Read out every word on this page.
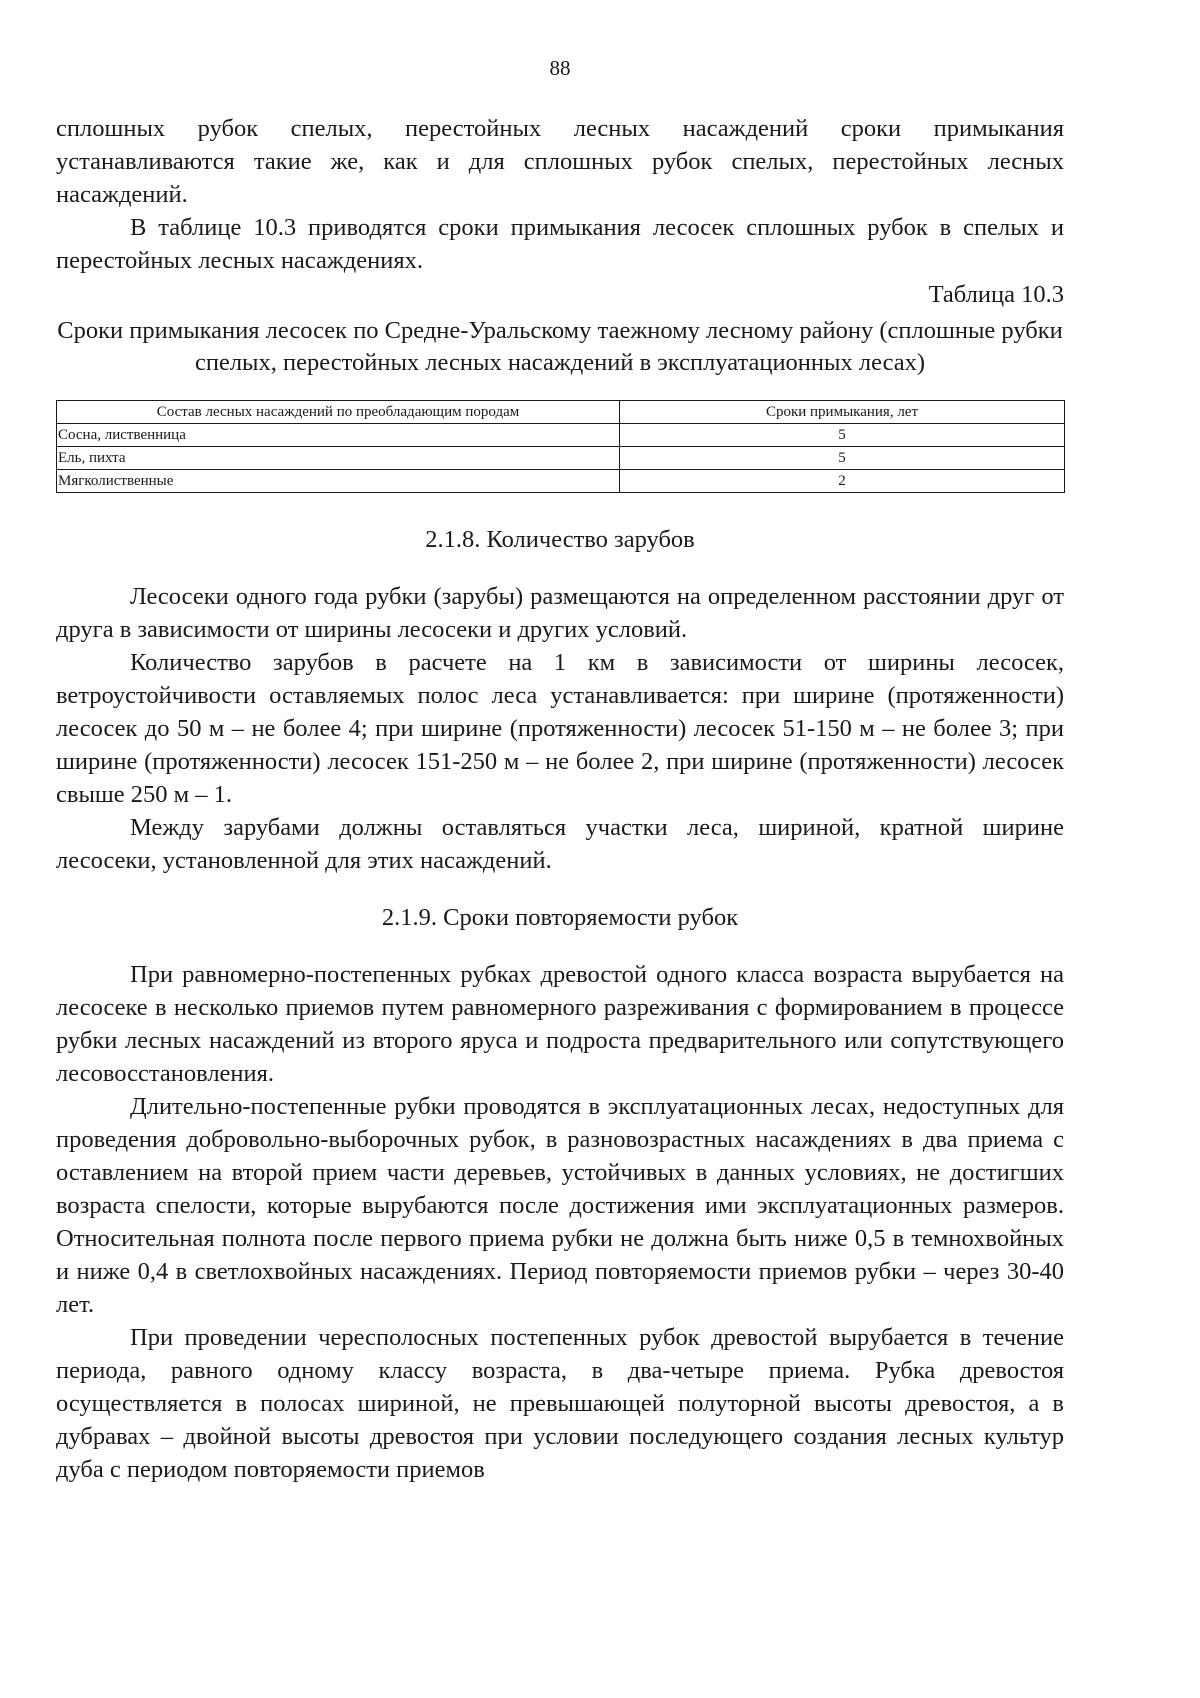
88

сплошных рубок спелых, перестойных лесных насаждений сроки примыкания устанавливаются такие же, как и для сплошных рубок спелых, перестойных лесных насаждений.

В таблице 10.3 приводятся сроки примыкания лесосек сплошных рубок в спелых и перестойных лесных насаждениях.

Таблица 10.3
Сроки примыкания лесосек по Средне-Уральскому таежному лесному району (сплошные рубки спелых, перестойных лесных насаждений в эксплуатационных лесах)
Состав лесных насаждений по преобладающим породам	Сроки примыкания, лет
Сосна, лиственница	5
Ель, пихта	5
Мягколиственные	2
2.1.8. Количество зарубов

Лесосеки одного года рубки (зарубы) размещаются на определенном расстоянии друг от друга в зависимости от ширины лесосеки и других условий.

Количество зарубов в расчете на 1 км в зависимости от ширины лесосек, ветроустойчивости оставляемых полос леса устанавливается: при ширине (протяженности) лесосек до 50 м – не более 4; при ширине (протяженности) лесосек 51-150 м – не более 3; при ширине (протяженности) лесосек 151-250 м – не более 2, при ширине (протяженности) лесосек свыше 250 м – 1.

Между зарубами должны оставляться участки леса, шириной, кратной ширине лесосеки, установленной для этих насаждений.

2.1.9. Сроки повторяемости рубок

При равномерно-постепенных рубках древостой одного класса возраста вырубается на лесосеке в несколько приемов путем равномерного разреживания с формированием в процессе рубки лесных насаждений из второго яруса и подроста предварительного или сопутствующего лесовосстановления.

Длительно-постепенные рубки проводятся в эксплуатационных лесах, недоступных для проведения добровольно-выборочных рубок, в разновозрастных насаждениях в два приема с оставлением на второй прием части деревьев, устойчивых в данных условиях, не достигших возраста спелости, которые вырубаются после достижения ими эксплуатационных размеров. Относительная полнота после первого приема рубки не должна быть ниже 0,5 в темнохвойных и ниже 0,4 в светлохвойных насаждениях. Период повторяемости приемов рубки – через 30-40 лет.

При проведении чересполосных постепенных рубок древостой вырубается в течение периода, равного одному классу возраста, в два-четыре приема. Рубка древостоя осуществляется в полосах шириной, не превышающей полуторной высоты древостоя, а в дубравах – двойной высоты древостоя при условии последующего создания лесных культур дуба с периодом повторяемости приемов
